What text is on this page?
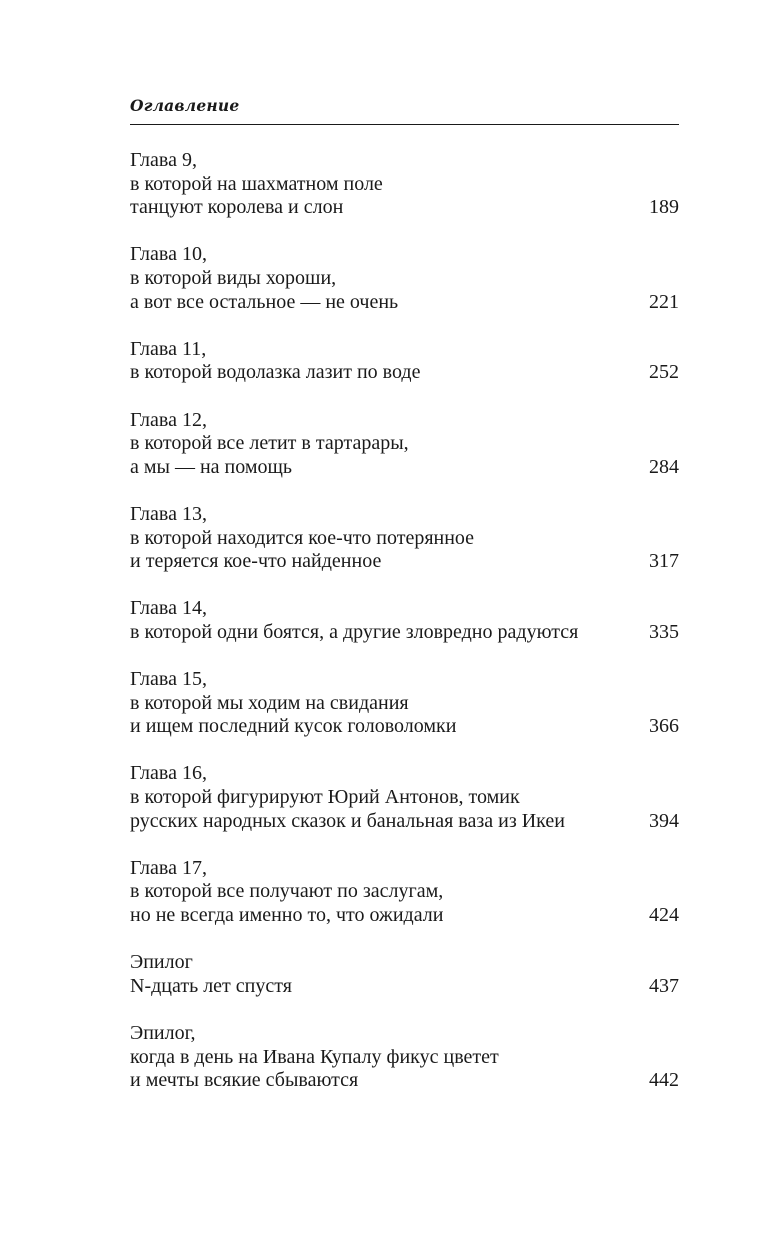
Оглавление
Глава 9,
в которой на шахматном поле
танцуют королева и слон	189
Глава 10,
в которой виды хороши,
а вот все остальное — не очень	221
Глава 11,
в которой водолазка лазит по воде	252
Глава 12,
в которой все летит в тартарары,
а мы — на помощь	284
Глава 13,
в которой находится кое-что потерянное
и теряется кое-что найденное	317
Глава 14,
в которой одни боятся, а другие зловредно радуются	335
Глава 15,
в которой мы ходим на свидания
и ищем последний кусок головоломки	366
Глава 16,
в которой фигурируют Юрий Антонов, томик
русских народных сказок и банальная ваза из Икеи	394
Глава 17,
в которой все получают по заслугам,
но не всегда именно то, что ожидали	424
Эпилог
N-дцать лет спустя	437
Эпилог,
когда в день на Ивана Купалу фикус цветет
и мечты всякие сбываются	442
